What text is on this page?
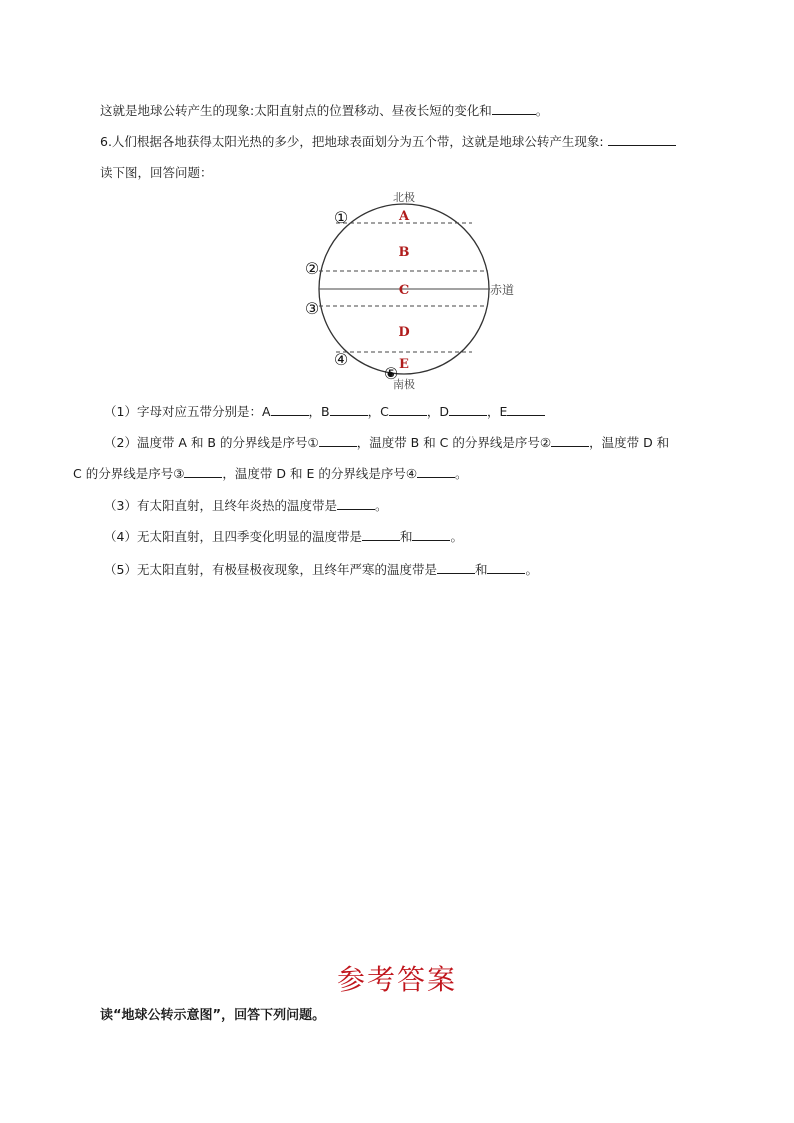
这就是地球公转产生的现象:太阳直射点的位置移动、昼夜长短的变化和	。
6.人们根据各地获得太阳光热的多少，把地球表面划分为五个带，这就是地球公转产生现象:
读下图，回答问题：
北极
南极
赤道
A
B
C
D
E
①
②
③
④
⑤
（1）字母对应五带分别是：A	，B	，C	，D	，E
（2）温度带 A 和 B 的分界线是序号①	，温度带 B 和 C 的分界线是序号②	，温度带 D 和
C 的分界线是序号③	，温度带 D 和 E 的分界线是序号④	。
（3）有太阳直射，且终年炎热的温度带是	。
（4）无太阳直射，且四季变化明显的温度带是	和	。
（5）无太阳直射，有极昼极夜现象，且终年严寒的温度带是	和	。
参考答案
读“地球公转示意图”，回答下列问题。
